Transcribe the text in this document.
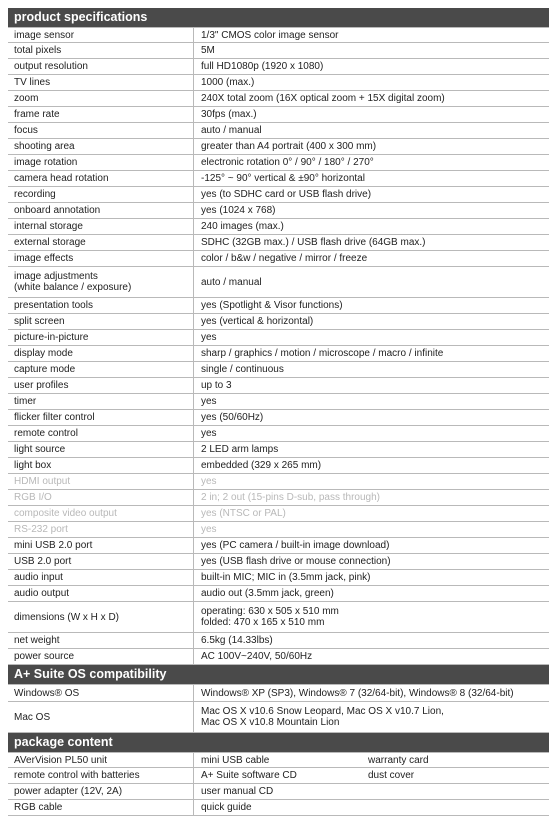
product specifications
image sensor	1/3" CMOS color image sensor
total pixels	5M
output resolution	full HD1080p (1920 x 1080)
TV lines	1000 (max.)
zoom	240X total zoom (16X optical zoom + 15X digital zoom)
frame rate	30fps (max.)
focus	auto / manual
shooting area	greater than A4 portrait (400 x 300 mm)
image rotation	electronic rotation 0° / 90° / 180° / 270°
camera head rotation	-125° ~ 90° vertical & ±90° horizontal
recording	yes (to SDHC card or USB flash drive)
onboard annotation	yes (1024 x 768)
internal storage	240 images (max.)
external storage	SDHC (32GB max.) / USB flash drive (64GB max.)
image effects	color / b&w / negative / mirror / freeze
image adjustments
(white balance / exposure)	auto / manual
presentation tools	yes (Spotlight & Visor functions)
split screen	yes (vertical & horizontal)
picture-in-picture	yes
display mode	sharp / graphics / motion / microscope / macro / infinite
capture mode	single / continuous
user profiles	up to 3
timer	yes
flicker filter control	yes (50/60Hz)
remote control	yes
light source	2 LED arm lamps
light box	embedded (329 x 265 mm)
HDMI output	yes
RGB I/O	2 in; 2 out (15-pins D-sub, pass through)
composite video output	yes (NTSC or PAL)
RS-232 port	yes
mini USB 2.0 port	yes (PC camera / built-in image download)
USB 2.0 port	yes (USB flash drive or mouse connection)
audio input	built-in MIC; MIC in (3.5mm jack, pink)
audio output	audio out (3.5mm jack, green)
dimensions (W x H x D)	operating: 630 x 505 x 510 mm
folded: 470 x 165 x 510 mm
net weight	6.5kg (14.33lbs)
power source	AC 100V~240V, 50/60Hz
A+ Suite OS compatibility
Windows® OS	Windows® XP (SP3), Windows® 7 (32/64-bit), Windows® 8 (32/64-bit)
Mac OS	Mac OS X v10.6 Snow Leopard, Mac OS X v10.7 Lion,
Mac OS X v10.8 Mountain Lion
package content
AVerVision PL50 unit	mini USB cable	warranty card
remote control with batteries	A+ Suite software CD	dust cover
power adapter (12V, 2A)	user manual CD
RGB cable	quick guide
